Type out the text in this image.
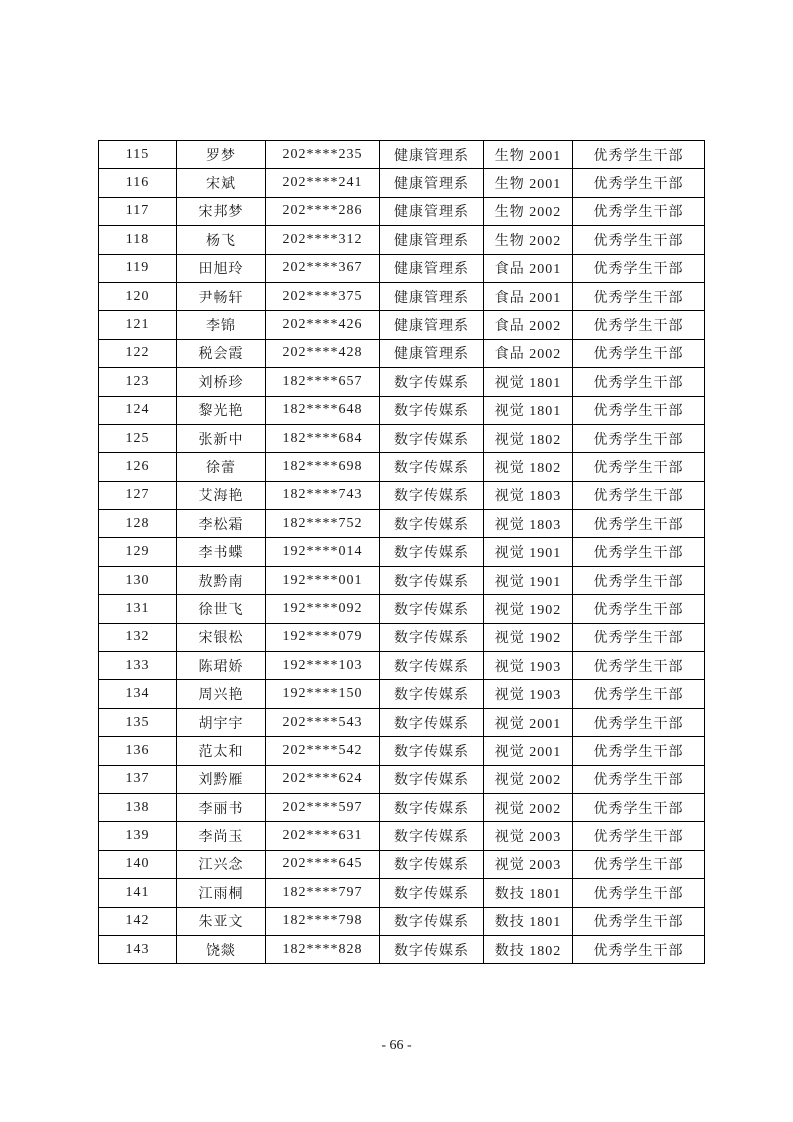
115	罗梦	202****235	健康管理系	生物 2001	优秀学生干部
116	宋斌	202****241	健康管理系	生物 2001	优秀学生干部
117	宋邦梦	202****286	健康管理系	生物 2002	优秀学生干部
118	杨飞	202****312	健康管理系	生物 2002	优秀学生干部
119	田旭玲	202****367	健康管理系	食品 2001	优秀学生干部
120	尹畅轩	202****375	健康管理系	食品 2001	优秀学生干部
121	李锦	202****426	健康管理系	食品 2002	优秀学生干部
122	税会霞	202****428	健康管理系	食品 2002	优秀学生干部
123	刘桥珍	182****657	数字传媒系	视觉 1801	优秀学生干部
124	黎光艳	182****648	数字传媒系	视觉 1801	优秀学生干部
125	张新中	182****684	数字传媒系	视觉 1802	优秀学生干部
126	徐蕾	182****698	数字传媒系	视觉 1802	优秀学生干部
127	艾海艳	182****743	数字传媒系	视觉 1803	优秀学生干部
128	李松霜	182****752	数字传媒系	视觉 1803	优秀学生干部
129	李书蝶	192****014	数字传媒系	视觉 1901	优秀学生干部
130	敖黔南	192****001	数字传媒系	视觉 1901	优秀学生干部
131	徐世飞	192****092	数字传媒系	视觉 1902	优秀学生干部
132	宋银松	192****079	数字传媒系	视觉 1902	优秀学生干部
133	陈珺娇	192****103	数字传媒系	视觉 1903	优秀学生干部
134	周兴艳	192****150	数字传媒系	视觉 1903	优秀学生干部
135	胡宇宇	202****543	数字传媒系	视觉 2001	优秀学生干部
136	范太和	202****542	数字传媒系	视觉 2001	优秀学生干部
137	刘黔雁	202****624	数字传媒系	视觉 2002	优秀学生干部
138	李丽书	202****597	数字传媒系	视觉 2002	优秀学生干部
139	李尚玉	202****631	数字传媒系	视觉 2003	优秀学生干部
140	江兴念	202****645	数字传媒系	视觉 2003	优秀学生干部
141	江雨桐	182****797	数字传媒系	数技 1801	优秀学生干部
142	朱亚文	182****798	数字传媒系	数技 1801	优秀学生干部
143	饶燚	182****828	数字传媒系	数技 1802	优秀学生干部
- 66 -
